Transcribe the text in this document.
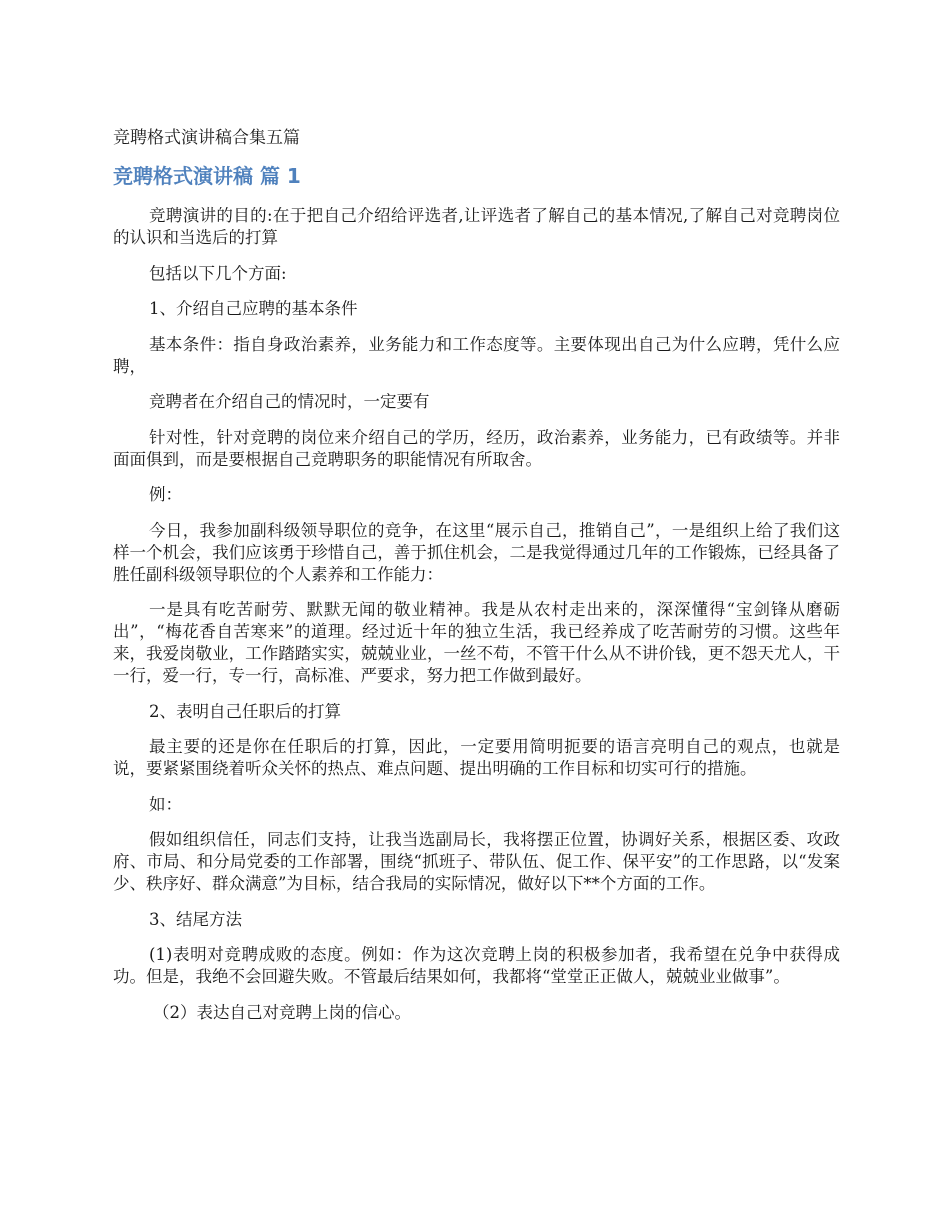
竞聘格式演讲稿合集五篇
竞聘格式演讲稿 篇 1

竞聘演讲的目的:在于把自己介绍给评选者,让评选者了解自己的基本情况,了解自己对竞聘岗位的认识和当选后的打算

包括以下几个方面:

1、介绍自己应聘的基本条件

基本条件：指自身政治素养，业务能力和工作态度等。主要体现出自己为什么应聘，凭什么应聘，

竞聘者在介绍自己的情况时，一定要有

针对性，针对竞聘的岗位来介绍自己的学历，经历，政治素养，业务能力，已有政绩等。并非面面俱到，而是要根据自己竞聘职务的职能情况有所取舍。

例：

今日，我参加副科级领导职位的竞争，在这里“展示自己，推销自己”，一是组织上给了我们这样一个机会，我们应该勇于珍惜自己，善于抓住机会，二是我觉得通过几年的工作锻炼，已经具备了胜任副科级领导职位的个人素养和工作能力：

一是具有吃苦耐劳、默默无闻的敬业精神。我是从农村走出来的，深深懂得“宝剑锋从磨砺出”，“梅花香自苦寒来”的道理。经过近十年的独立生活，我已经养成了吃苦耐劳的习惯。这些年来，我爱岗敬业，工作踏踏实实，兢兢业业，一丝不苟，不管干什么从不讲价钱，更不怨天尤人，干一行，爱一行，专一行，高标准、严要求，努力把工作做到最好。

2、表明自己任职后的打算

最主要的还是你在任职后的打算，因此，一定要用简明扼要的语言亮明自己的观点，也就是说，要紧紧围绕着听众关怀的热点、难点问题、提出明确的工作目标和切实可行的措施。

如：

假如组织信任，同志们支持，让我当选副局长，我将摆正位置，协调好关系，根据区委、攻政府、市局、和分局党委的工作部署，围绕“抓班子、带队伍、促工作、保平安”的工作思路，以“发案少、秩序好、群众满意”为目标，结合我局的实际情况，做好以下**个方面的工作。

3、结尾方法

(1)表明对竞聘成败的态度。例如：作为这次竞聘上岗的积极参加者，我希望在兑争中获得成功。但是，我绝不会回避失败。不管最后结果如何，我都将“堂堂正正做人，兢兢业业做事”。

（2）表达自己对竞聘上岗的信心。
